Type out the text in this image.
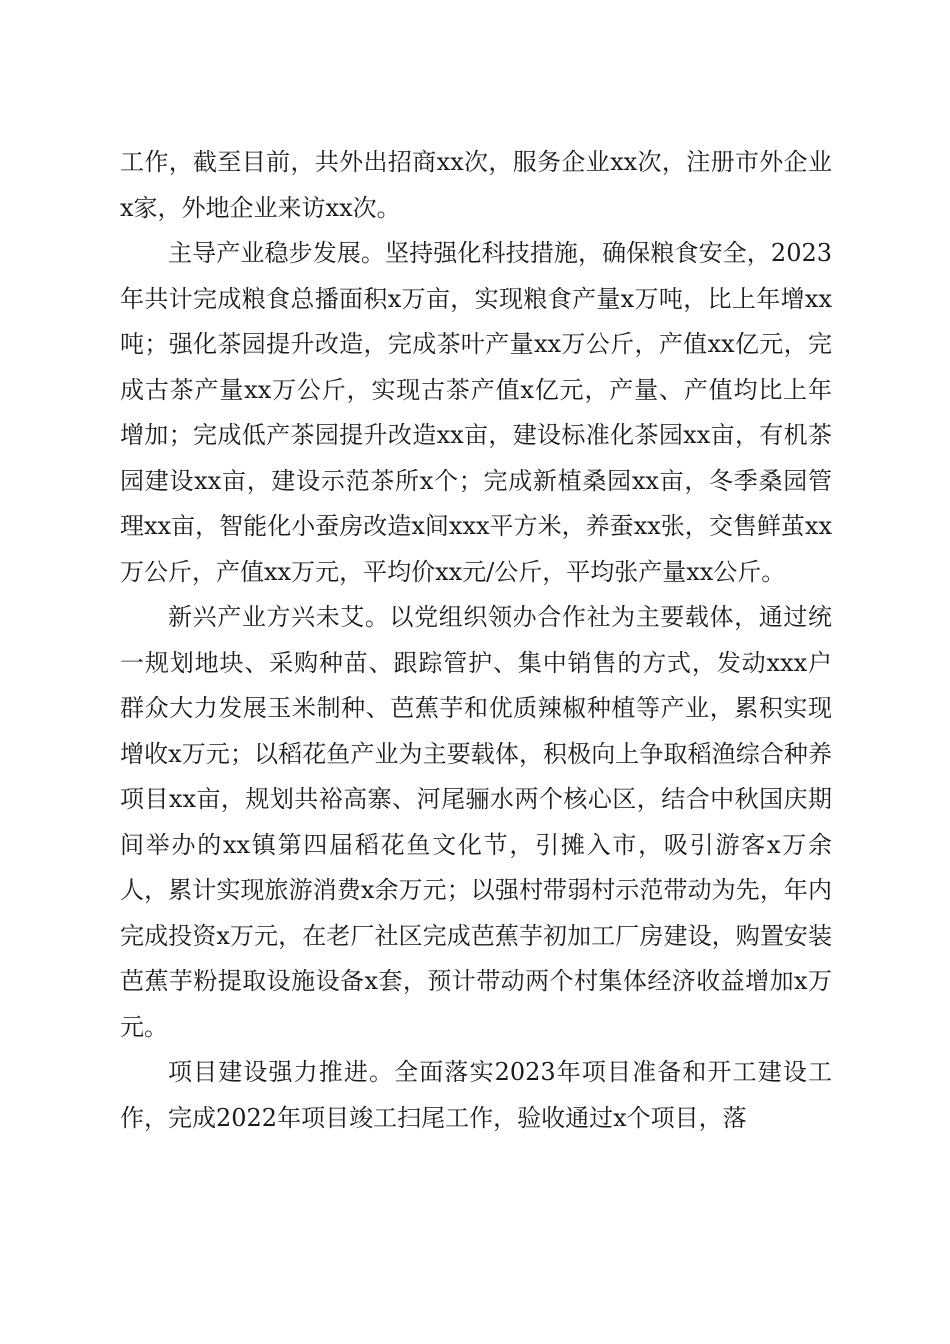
工作，截至目前，共外出招商xx次，服务企业xx次，注册市外企业x家，外地企业来访xx次。

主导产业稳步发展。坚持强化科技措施，确保粮食安全，2023年共计完成粮食总播面积x万亩，实现粮食产量x万吨，比上年增xx吨；强化茶园提升改造，完成茶叶产量xx万公斤，产值xx亿元，完成古茶产量xx万公斤，实现古茶产值x亿元，产量、产值均比上年增加；完成低产茶园提升改造xx亩，建设标准化茶园xx亩，有机茶园建设xx亩，建设示范茶所x个；完成新植桑园xx亩，冬季桑园管理xx亩，智能化小蚕房改造x间xxx平方米，养蚕xx张，交售鲜茧xx万公斤，产值xx万元，平均价xx元/公斤，平均张产量xx公斤。

新兴产业方兴未艾。以党组织领办合作社为主要载体，通过统一规划地块、采购种苗、跟踪管护、集中销售的方式，发动xxx户群众大力发展玉米制种、芭蕉芋和优质辣椒种植等产业，累积实现增收x万元；以稻花鱼产业为主要载体，积极向上争取稻渔综合种养项目xx亩，规划共裕高寨、河尾骊水两个核心区，结合中秋国庆期间举办的xx镇第四届稻花鱼文化节，引摊入市，吸引游客x万余人，累计实现旅游消费x余万元；以强村带弱村示范带动为先，年内完成投资x万元，在老厂社区完成芭蕉芋初加工厂房建设，购置安装芭蕉芋粉提取设施设备x套，预计带动两个村集体经济收益增加x万元。

项目建设强力推进。全面落实2023年项目准备和开工建设工作，完成2022年项目竣工扫尾工作，验收通过x个项目，落
